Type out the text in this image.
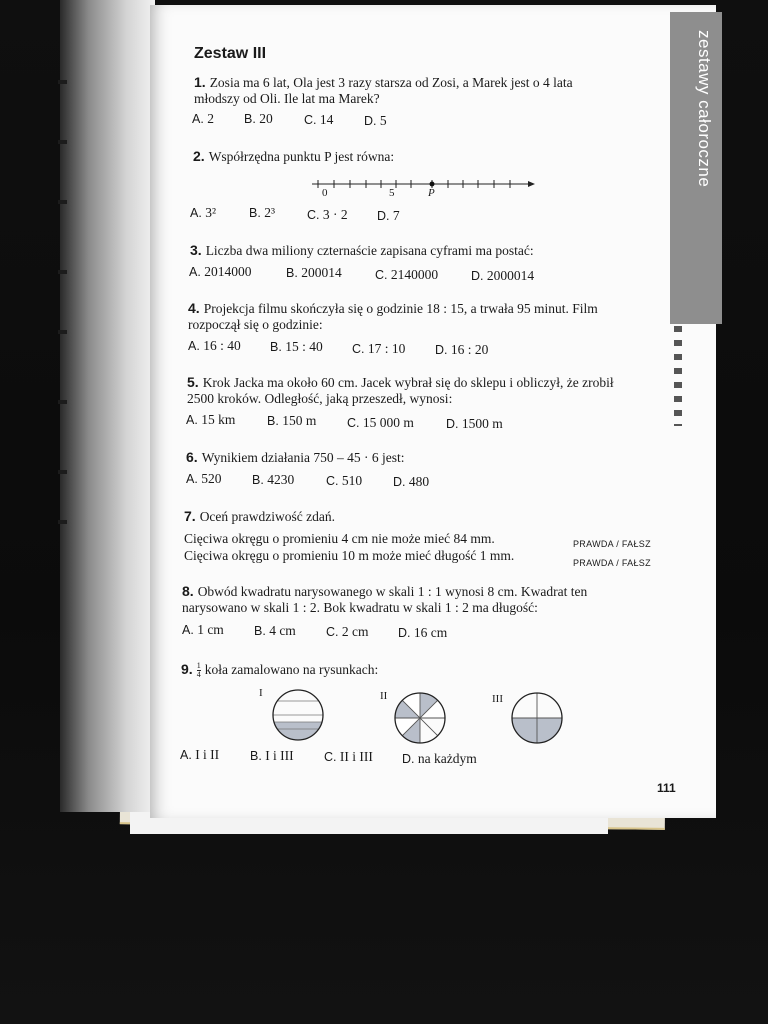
zestawy całoroczne
Zestaw III
1. Zosia ma 6 lat, Ola jest 3 razy starsza od Zosi, a Marek jest o 4 lata
młodszy od Oli. Ile lat ma Marek?
A. 2 B. 20	C. 14 D. 5
2. Współrzędna punktu P jest równa:
0	5	P
A. 3²	B. 2³	C. 3 · 2 D. 7
3. Liczba dwa miliony czternaście zapisana cyframi ma postać:
A. 2014000	B. 200014	C. 2140000	D. 2000014
4. Projekcja filmu skończyła się o godzinie 18 : 15, a trwała 95 minut. Film
rozpoczął się o godzinie:
A. 16 : 40 B. 15 : 40 C. 17 : 10 D. 16 : 20
5. Krok Jacka ma około 60 cm. Jacek wybrał się do sklepu i obliczył, że zrobił
2500 kroków. Odległość, jaką przeszedł, wynosi:
A. 15 km	B. 150 m C. 15 000 m	D. 1500 m
6. Wynikiem działania 750 – 45 · 6 jest:
A. 520 B. 4230	C. 510 D. 480
7. Oceń prawdziwość zdań.
Cięciwa okręgu o promieniu 4 cm nie może mieć 84 mm.	PRAWDA / FAŁSZ
Cięciwa okręgu o promieniu 10 m może mieć długość 1 mm.	PRAWDA / FAŁSZ
8. Obwód kwadratu narysowanego w skali 1 : 1 wynosi 8 cm. Kwadrat ten
narysowano w skali 1 : 2. Bok kwadratu w skali 1 : 2 ma długość:
A. 1 cm B. 4 cm C. 2 cm D. 16 cm
9. $\frac{1}{4}$ koła zamalowano na rysunkach:
I	II	III
A. I i II B. I i III C. II i III D. na każdym
111
